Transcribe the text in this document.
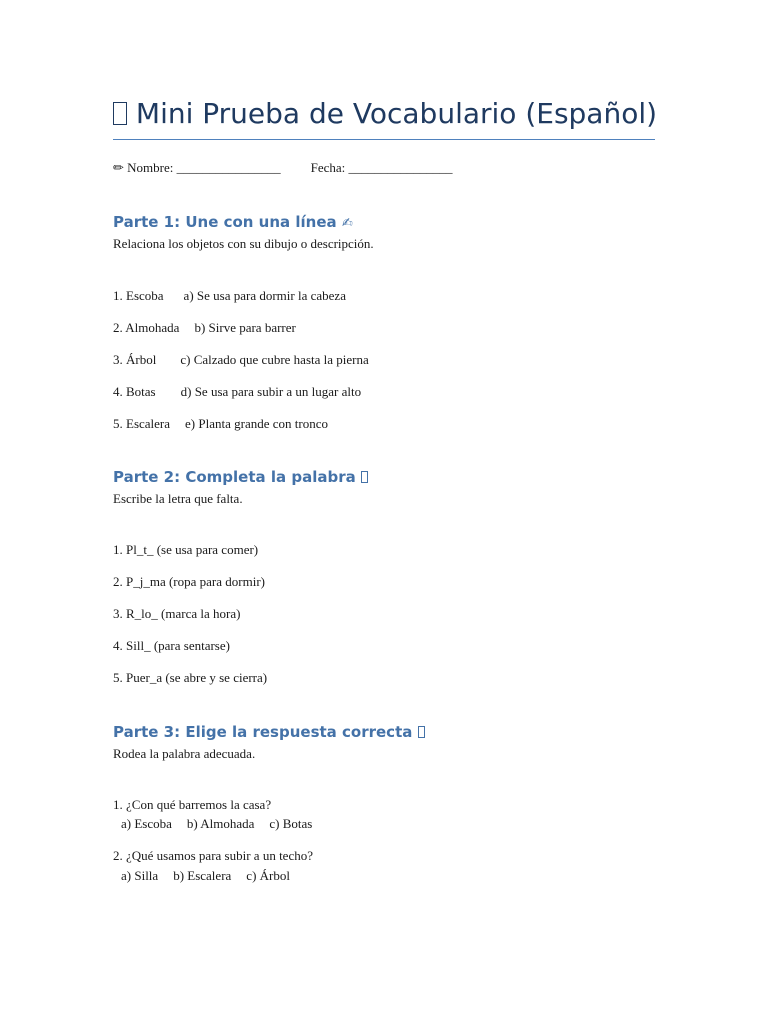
Mini Prueba de Vocabulario (Español)
✏ Nombre: ________________ Fecha: ________________
Parte 1: Une con una línea ✍
Relaciona los objetos con su dibujo o descripción.
1. Escoba a) Se usa para dormir la cabeza
2. Almohada b) Sirve para barrer
3. Árbol c) Calzado que cubre hasta la pierna
4. Botas d) Se usa para subir a un lugar alto
5. Escalera e) Planta grande con tronco
Parte 2: Completa la palabra
Escribe la letra que falta.
1. Pl_t_ (se usa para comer)
2. P_j_ma (ropa para dormir)
3. R_lo_ (marca la hora)
4. Sill_ (para sentarse)
5. Puer_a (se abre y se cierra)
Parte 3: Elige la respuesta correcta
Rodea la palabra adecuada.
1. ¿Con qué barremos la casa?
a) Escoba b) Almohada c) Botas
2. ¿Qué usamos para subir a un techo?
a) Silla b) Escalera c) Árbol
